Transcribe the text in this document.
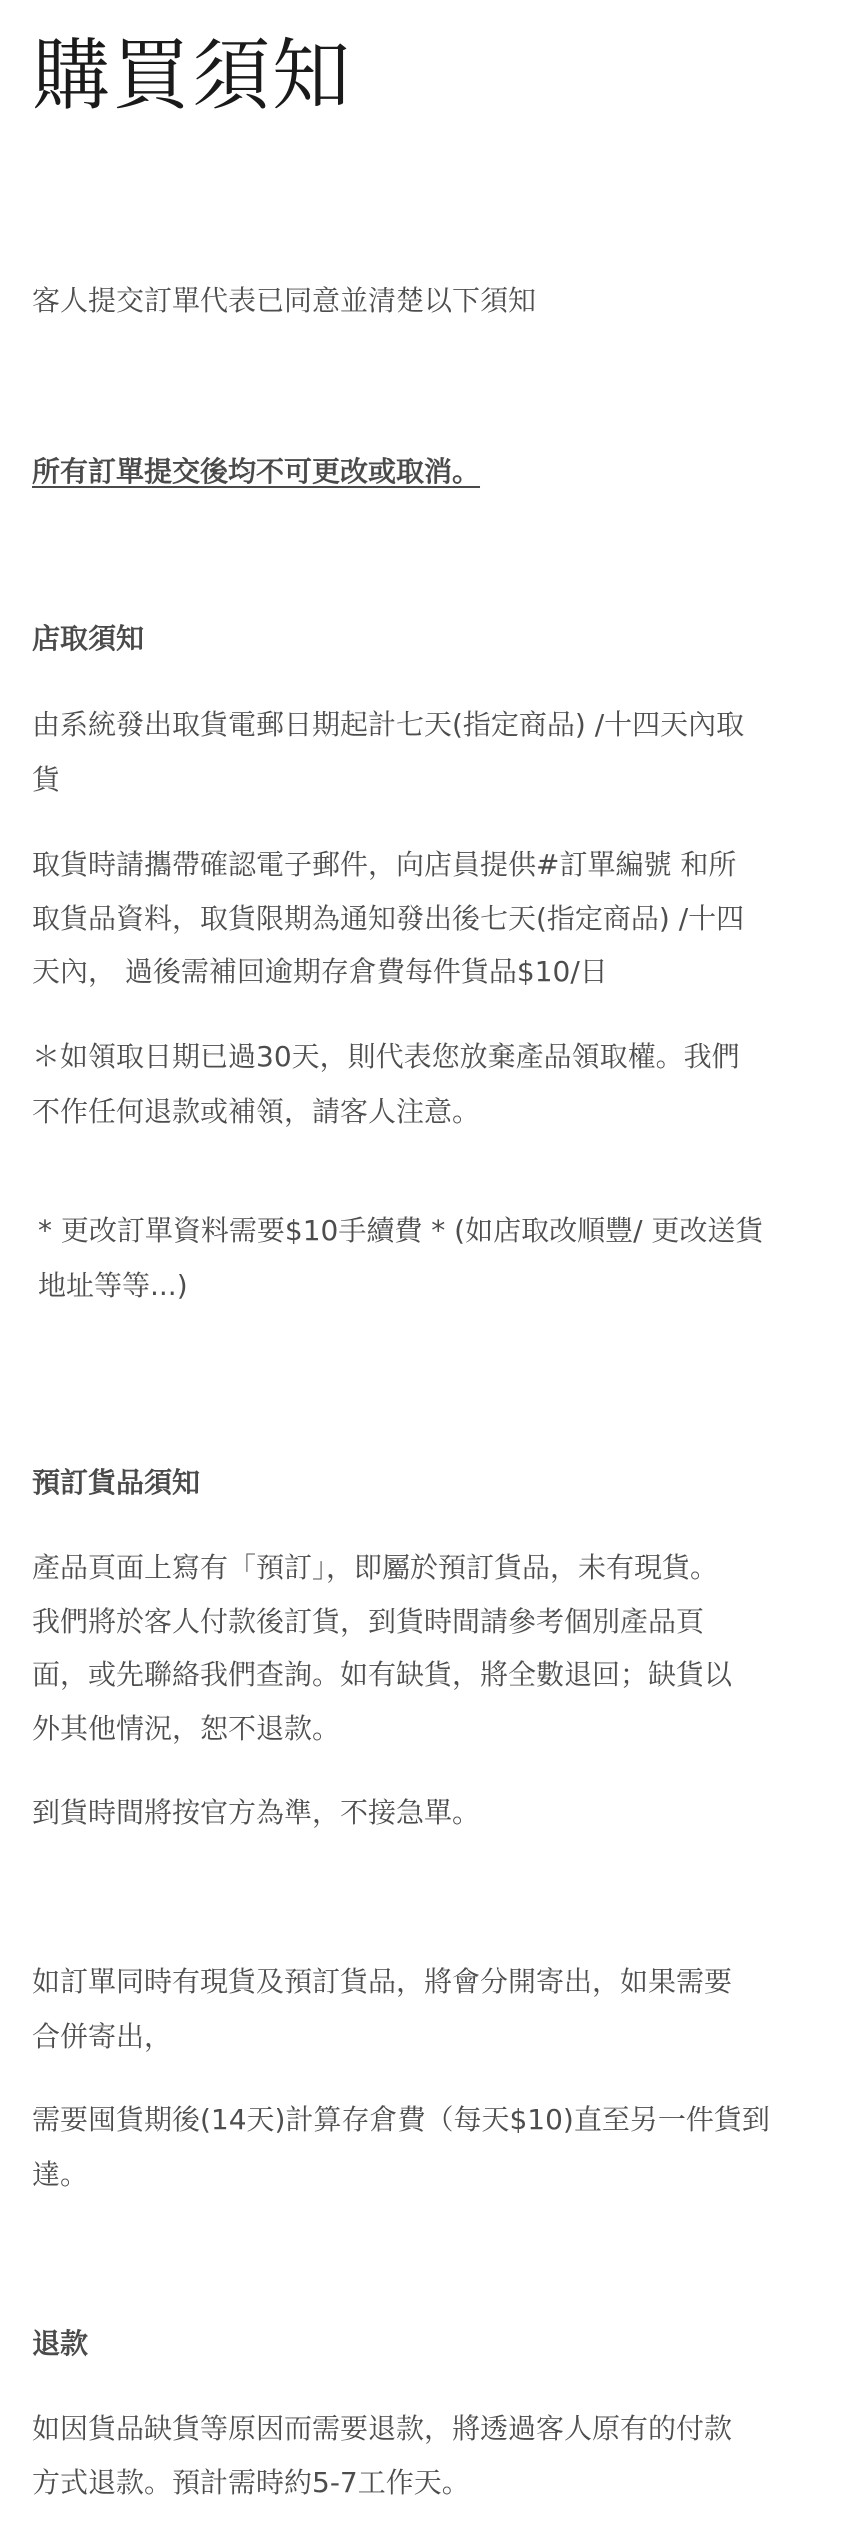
購買須知

客人提交訂單代表已同意並清楚以下須知

所有訂單提交後均不可更改或取消。

店取須知

由系統發出取貨電郵日期起計七天(指定商品) /十四天內取

貨

取貨時請攜帶確認電子郵件，向店員提供#訂單編號 和所

取貨品資料，取貨限期為通知發出後七天(指定商品) /十四

天內， 過後需補回逾期存倉費每件貨品$10/日

＊如領取日期已過30天，則代表您放棄產品領取權。我們

不作任何退款或補領，請客人注意。

* 更改訂單資料需要$10手續費 * (如店取改順豐/ 更改送貨

地址等等...)

預訂貨品須知

產品頁面上寫有「預訂」，即屬於預訂貨品，未有現貨。

我們將於客人付款後訂貨，到貨時間請參考個別產品頁

面，或先聯絡我們查詢。如有缺貨，將全數退回；缺貨以

外其他情況，恕不退款。

到貨時間將按官方為準，不接急單。

如訂單同時有現貨及預訂貨品，將會分開寄出，如果需要

合併寄出，

需要囤貨期後(14天)計算存倉費（每天$10)直至另一件貨到

達。

退款

如因貨品缺貨等原因而需要退款，將透過客人原有的付款

方式退款。預計需時約5-7工作天。
